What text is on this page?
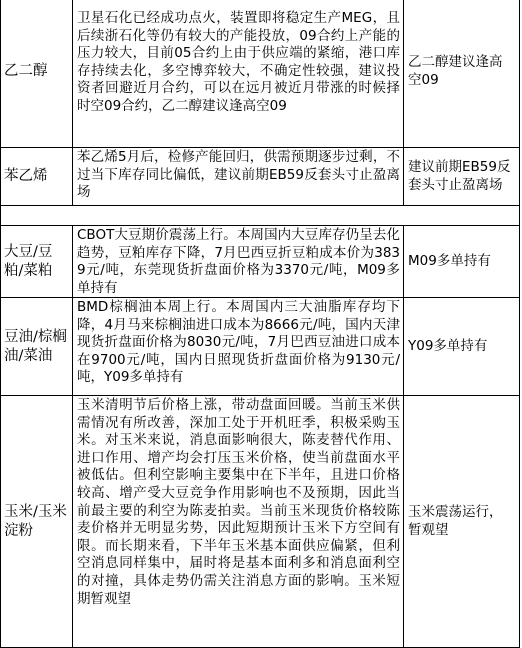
乙二醇
卫星石化已经成功点火，装置即将稳定生产MEG，且后续浙石化等仍有较大的产能投放，09合约上产能的压力较大，目前05合约上由于供应端的紧缩，港口库存持续去化，多空博弈较大，不确定性较强，建议投资者回避近月合约，可以在远月被近月带涨的时候择时空09合约，乙二醇建议逢高空09
乙二醇建议逢高空09
苯乙烯
苯乙烯5月后，检修产能回归，供需预期逐步过剩，不过当下库存同比偏低，建议前期EB59反套头寸止盈离场
建议前期EB59反套头寸止盈离场
大豆/豆粕/菜粕
CBOT大豆期价震荡上行。本周国内大豆库存仍呈去化趋势，豆粕库存下降，7月巴西豆折豆粕成本价为3839元/吨，东莞现货折盘面价格为3370元/吨，M09多单持有
M09多单持有
豆油/棕榈油/菜油
BMD棕榈油本周上行。本周国内三大油脂库存均下降，4月马来棕榈油进口成本为8666元/吨，国内天津现货折盘面价格为8030元/吨，7月巴西豆油进口成本在9700元/吨，国内日照现货折盘面价格为9130元/吨，Y09多单持有
Y09多单持有
玉米/玉米淀粉
玉米清明节后价格上涨，带动盘面回暖。当前玉米供需情况有所改善，深加工处于开机旺季，积极采购玉米。对玉米来说，消息面影响很大，陈麦替代作用、进口作用、增产均会打压玉米价格，使当前盘面水平被低估。但利空影响主要集中在下半年，且进口价格较高、增产受大豆竞争作用影响也不及预期，因此当前最主要的利空为陈麦拍卖。当前玉米现货价格较陈麦价格并无明显劣势，因此短期预计玉米下方空间有限。而长期来看，下半年玉米基本面供应偏紧，但利空消息同样集中，届时将是基本面利多和消息面利空的对撞，具体走势仍需关注消息方面的影响。玉米短期暂观望
玉米震荡运行，暂观望
